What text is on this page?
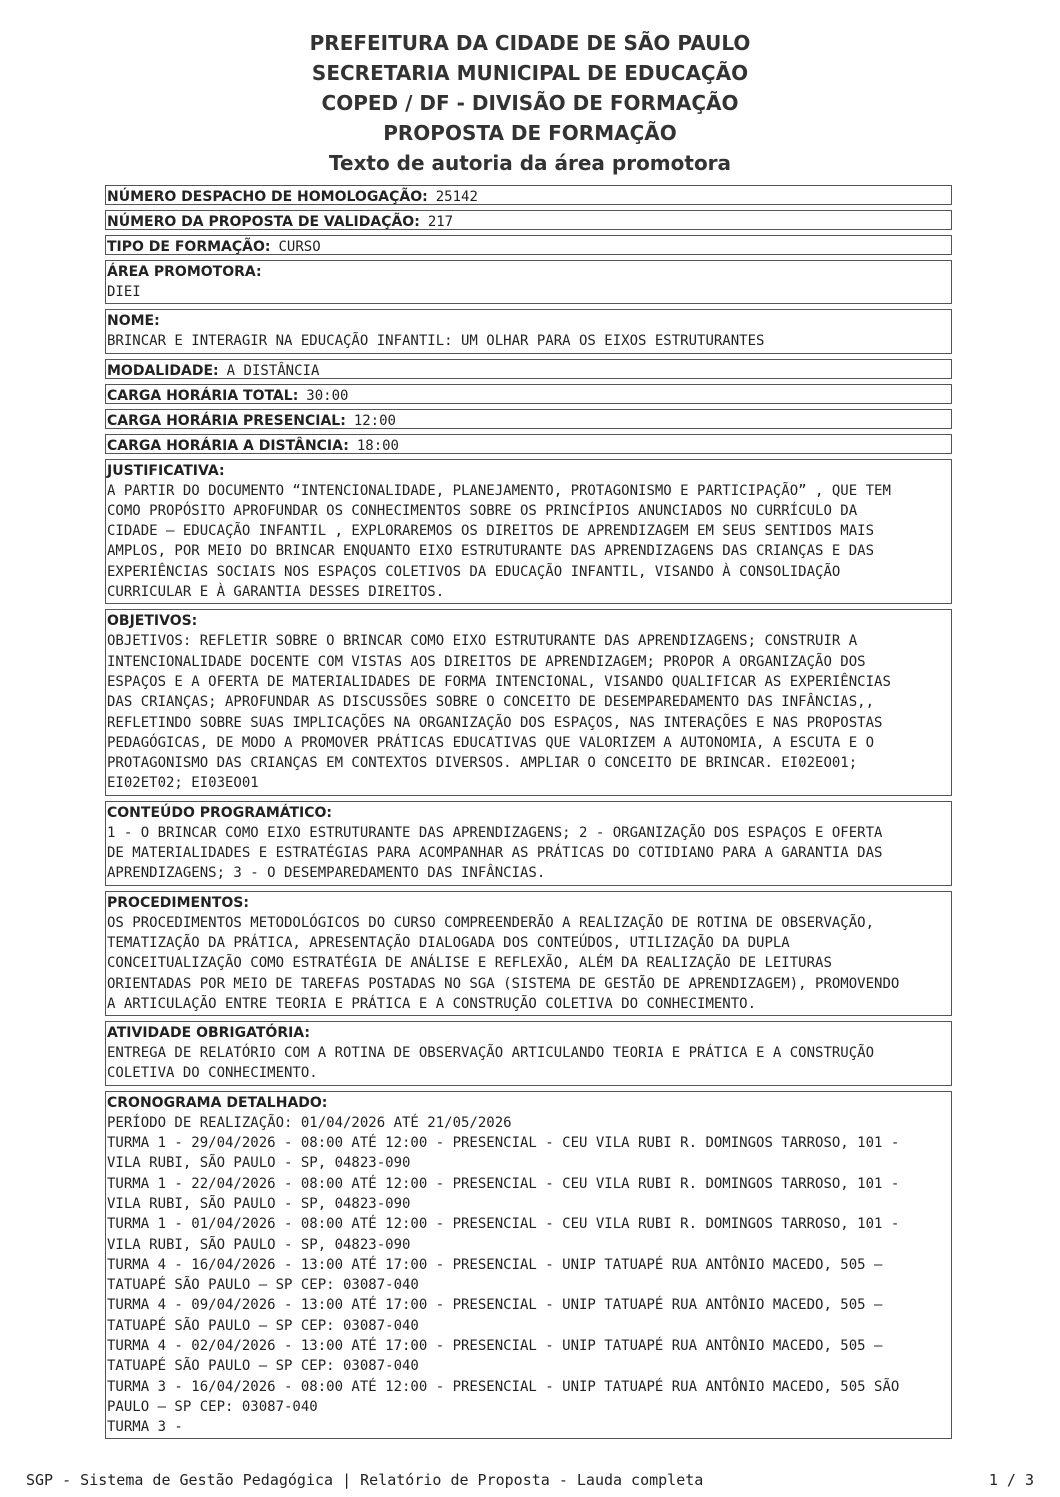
PREFEITURA DA CIDADE DE SÃO PAULO
SECRETARIA MUNICIPAL DE EDUCAÇÃO
COPED / DF - DIVISÃO DE FORMAÇÃO
PROPOSTA DE FORMAÇÃO
Texto de autoria da área promotora
NÚMERO DESPACHO DE HOMOLOGAÇÃO: 25142
NÚMERO DA PROPOSTA DE VALIDAÇÃO: 217
TIPO DE FORMAÇÃO: CURSO
ÁREA PROMOTORA:
DIEI
NOME:
BRINCAR E INTERAGIR NA EDUCAÇÃO INFANTIL: UM OLHAR PARA OS EIXOS ESTRUTURANTES
MODALIDADE: A DISTÂNCIA
CARGA HORÁRIA TOTAL: 30:00
CARGA HORÁRIA PRESENCIAL: 12:00
CARGA HORÁRIA A DISTÂNCIA: 18:00
JUSTIFICATIVA:
A PARTIR DO DOCUMENTO “INTENCIONALIDADE, PLANEJAMENTO, PROTAGONISMO E PARTICIPAÇÃO” , QUE TEM
COMO PROPÓSITO APROFUNDAR OS CONHECIMENTOS SOBRE OS PRINCÍPIOS ANUNCIADOS NO CURRÍCULO DA
CIDADE – EDUCAÇÃO INFANTIL , EXPLORAREMOS OS DIREITOS DE APRENDIZAGEM EM SEUS SENTIDOS MAIS
AMPLOS, POR MEIO DO BRINCAR ENQUANTO EIXO ESTRUTURANTE DAS APRENDIZAGENS DAS CRIANÇAS E DAS
EXPERIÊNCIAS SOCIAIS NOS ESPAÇOS COLETIVOS DA EDUCAÇÃO INFANTIL, VISANDO À CONSOLIDAÇÃO
CURRICULAR E À GARANTIA DESSES DIREITOS.
OBJETIVOS:
OBJETIVOS: REFLETIR SOBRE O BRINCAR COMO EIXO ESTRUTURANTE DAS APRENDIZAGENS; CONSTRUIR A
INTENCIONALIDADE DOCENTE COM VISTAS AOS DIREITOS DE APRENDIZAGEM; PROPOR A ORGANIZAÇÃO DOS
ESPAÇOS E A OFERTA DE MATERIALIDADES DE FORMA INTENCIONAL, VISANDO QUALIFICAR AS EXPERIÊNCIAS
DAS CRIANÇAS; APROFUNDAR AS DISCUSSÕES SOBRE O CONCEITO DE DESEMPAREDAMENTO DAS INFÂNCIAS,,
REFLETINDO SOBRE SUAS IMPLICAÇÕES NA ORGANIZAÇÃO DOS ESPAÇOS, NAS INTERAÇÕES E NAS PROPOSTAS
PEDAGÓGICAS, DE MODO A PROMOVER PRÁTICAS EDUCATIVAS QUE VALORIZEM A AUTONOMIA, A ESCUTA E O
PROTAGONISMO DAS CRIANÇAS EM CONTEXTOS DIVERSOS. AMPLIAR O CONCEITO DE BRINCAR. EI02EO01;
EI02ET02; EI03EO01
CONTEÚDO PROGRAMÁTICO:
1 - O BRINCAR COMO EIXO ESTRUTURANTE DAS APRENDIZAGENS; 2 - ORGANIZAÇÃO DOS ESPAÇOS E OFERTA
DE MATERIALIDADES E ESTRATÉGIAS PARA ACOMPANHAR AS PRÁTICAS DO COTIDIANO PARA A GARANTIA DAS
APRENDIZAGENS; 3 - O DESEMPAREDAMENTO DAS INFÂNCIAS.
PROCEDIMENTOS:
OS PROCEDIMENTOS METODOLÓGICOS DO CURSO COMPREENDERÃO A REALIZAÇÃO DE ROTINA DE OBSERVAÇÃO,
TEMATIZAÇÃO DA PRÁTICA, APRESENTAÇÃO DIALOGADA DOS CONTEÚDOS, UTILIZAÇÃO DA DUPLA
CONCEITUALIZAÇÃO COMO ESTRATÉGIA DE ANÁLISE E REFLEXÃO, ALÉM DA REALIZAÇÃO DE LEITURAS
ORIENTADAS POR MEIO DE TAREFAS POSTADAS NO SGA (SISTEMA DE GESTÃO DE APRENDIZAGEM), PROMOVENDO
A ARTICULAÇÃO ENTRE TEORIA E PRÁTICA E A CONSTRUÇÃO COLETIVA DO CONHECIMENTO.
ATIVIDADE OBRIGATÓRIA:
ENTREGA DE RELATÓRIO COM A ROTINA DE OBSERVAÇÃO ARTICULANDO TEORIA E PRÁTICA E A CONSTRUÇÃO
COLETIVA DO CONHECIMENTO.
CRONOGRAMA DETALHADO:
PERÍODO DE REALIZAÇÃO: 01/04/2026 ATÉ 21/05/2026
TURMA 1 - 29/04/2026 - 08:00 ATÉ 12:00 - PRESENCIAL - CEU VILA RUBI R. DOMINGOS TARROSO, 101 -
VILA RUBI, SÃO PAULO - SP, 04823-090
TURMA 1 - 22/04/2026 - 08:00 ATÉ 12:00 - PRESENCIAL - CEU VILA RUBI R. DOMINGOS TARROSO, 101 -
VILA RUBI, SÃO PAULO - SP, 04823-090
TURMA 1 - 01/04/2026 - 08:00 ATÉ 12:00 - PRESENCIAL - CEU VILA RUBI R. DOMINGOS TARROSO, 101 -
VILA RUBI, SÃO PAULO - SP, 04823-090
TURMA 4 - 16/04/2026 - 13:00 ATÉ 17:00 - PRESENCIAL - UNIP TATUAPÉ RUA ANTÔNIO MACEDO, 505 –
TATUAPÉ SÃO PAULO – SP CEP: 03087-040
TURMA 4 - 09/04/2026 - 13:00 ATÉ 17:00 - PRESENCIAL - UNIP TATUAPÉ RUA ANTÔNIO MACEDO, 505 –
TATUAPÉ SÃO PAULO – SP CEP: 03087-040
TURMA 4 - 02/04/2026 - 13:00 ATÉ 17:00 - PRESENCIAL - UNIP TATUAPÉ RUA ANTÔNIO MACEDO, 505 –
TATUAPÉ SÃO PAULO – SP CEP: 03087-040
TURMA 3 - 16/04/2026 - 08:00 ATÉ 12:00 - PRESENCIAL - UNIP TATUAPÉ RUA ANTÔNIO MACEDO, 505 SÃO
PAULO – SP CEP: 03087-040
TURMA 3 -
SGP - Sistema de Gestão Pedagógica | Relatório de Proposta - Lauda completa	1 / 3
